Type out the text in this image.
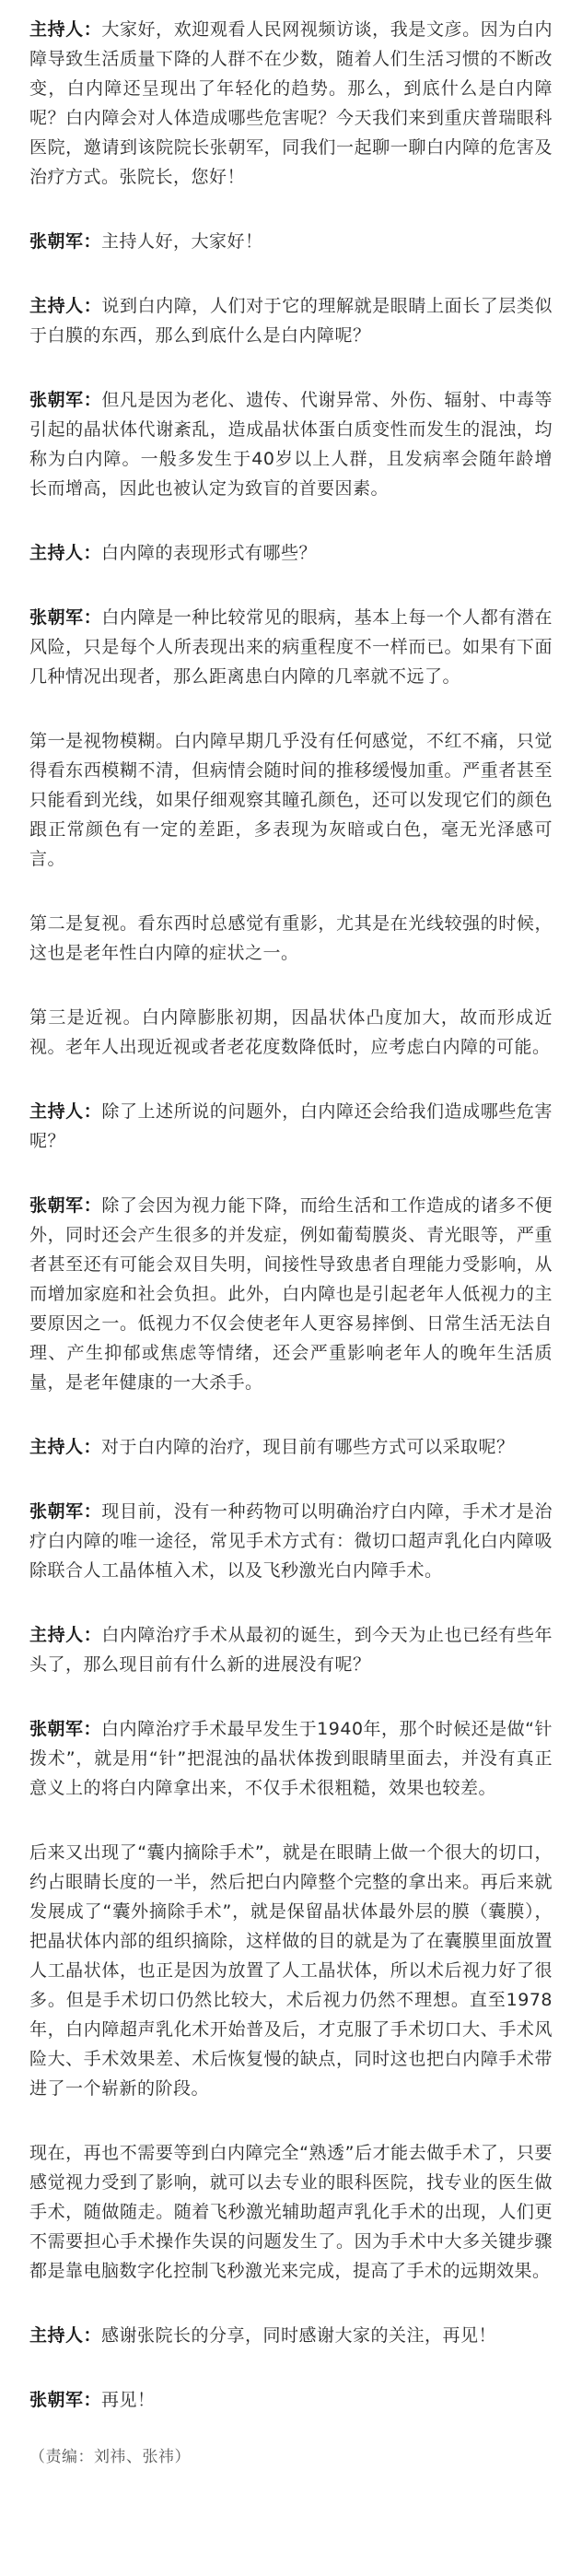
主持人：大家好，欢迎观看人民网视频访谈，我是文彦。因为白内障导致生活质量下降的人群不在少数，随着人们生活习惯的不断改变，白内障还呈现出了年轻化的趋势。那么，到底什么是白内障呢？白内障会对人体造成哪些危害呢？今天我们来到重庆普瑞眼科医院，邀请到该院院长张朝军，同我们一起聊一聊白内障的危害及治疗方式。张院长，您好！

张朝军：主持人好，大家好！

主持人：说到白内障，人们对于它的理解就是眼睛上面长了层类似于白膜的东西，那么到底什么是白内障呢？

张朝军：但凡是因为老化、遗传、代谢异常、外伤、辐射、中毒等引起的晶状体代谢紊乱，造成晶状体蛋白质变性而发生的混浊，均称为白内障。一般多发生于40岁以上人群，且发病率会随年龄增长而增高，因此也被认定为致盲的首要因素。

主持人：白内障的表现形式有哪些？

张朝军：白内障是一种比较常见的眼病，基本上每一个人都有潜在风险，只是每个人所表现出来的病重程度不一样而已。如果有下面几种情况出现者，那么距离患白内障的几率就不远了。

第一是视物模糊。白内障早期几乎没有任何感觉，不红不痛，只觉得看东西模糊不清，但病情会随时间的推移缓慢加重。严重者甚至只能看到光线，如果仔细观察其瞳孔颜色，还可以发现它们的颜色跟正常颜色有一定的差距，多表现为灰暗或白色，毫无光泽感可言。

第二是复视。看东西时总感觉有重影，尤其是在光线较强的时候，这也是老年性白内障的症状之一。

第三是近视。白内障膨胀初期，因晶状体凸度加大，故而形成近视。老年人出现近视或者老花度数降低时，应考虑白内障的可能。

主持人：除了上述所说的问题外，白内障还会给我们造成哪些危害呢？

张朝军：除了会因为视力能下降，而给生活和工作造成的诸多不便外，同时还会产生很多的并发症，例如葡萄膜炎、青光眼等，严重者甚至还有可能会双目失明，间接性导致患者自理能力受影响，从而增加家庭和社会负担。此外，白内障也是引起老年人低视力的主要原因之一。低视力不仅会使老年人更容易摔倒、日常生活无法自理、产生抑郁或焦虑等情绪，还会严重影响老年人的晚年生活质量，是老年健康的一大杀手。

主持人：对于白内障的治疗，现目前有哪些方式可以采取呢？

张朝军：现目前，没有一种药物可以明确治疗白内障，手术才是治疗白内障的唯一途径，常见手术方式有：微切口超声乳化白内障吸除联合人工晶体植入术，以及飞秒激光白内障手术。

主持人：白内障治疗手术从最初的诞生，到今天为止也已经有些年头了，那么现目前有什么新的进展没有呢？

张朝军：白内障治疗手术最早发生于1940年，那个时候还是做“针拨术”，就是用“针”把混浊的晶状体拨到眼睛里面去，并没有真正意义上的将白内障拿出来，不仅手术很粗糙，效果也较差。

后来又出现了“囊内摘除手术”，就是在眼睛上做一个很大的切口，约占眼睛长度的一半，然后把白内障整个完整的拿出来。再后来就发展成了“囊外摘除手术”，就是保留晶状体最外层的膜（囊膜），把晶状体内部的组织摘除，这样做的目的就是为了在囊膜里面放置人工晶状体，也正是因为放置了人工晶状体，所以术后视力好了很多。但是手术切口仍然比较大，术后视力仍然不理想。直至1978年，白内障超声乳化术开始普及后，才克服了手术切口大、手术风险大、手术效果差、术后恢复慢的缺点，同时这也把白内障手术带进了一个崭新的阶段。

现在，再也不需要等到白内障完全“熟透”后才能去做手术了，只要感觉视力受到了影响，就可以去专业的眼科医院，找专业的医生做手术，随做随走。随着飞秒激光辅助超声乳化手术的出现，人们更不需要担心手术操作失误的问题发生了。因为手术中大多关键步骤都是靠电脑数字化控制飞秒激光来完成，提高了手术的远期效果。

主持人：感谢张院长的分享，同时感谢大家的关注，再见！

张朝军：再见！

（责编：刘祎、张祎）
